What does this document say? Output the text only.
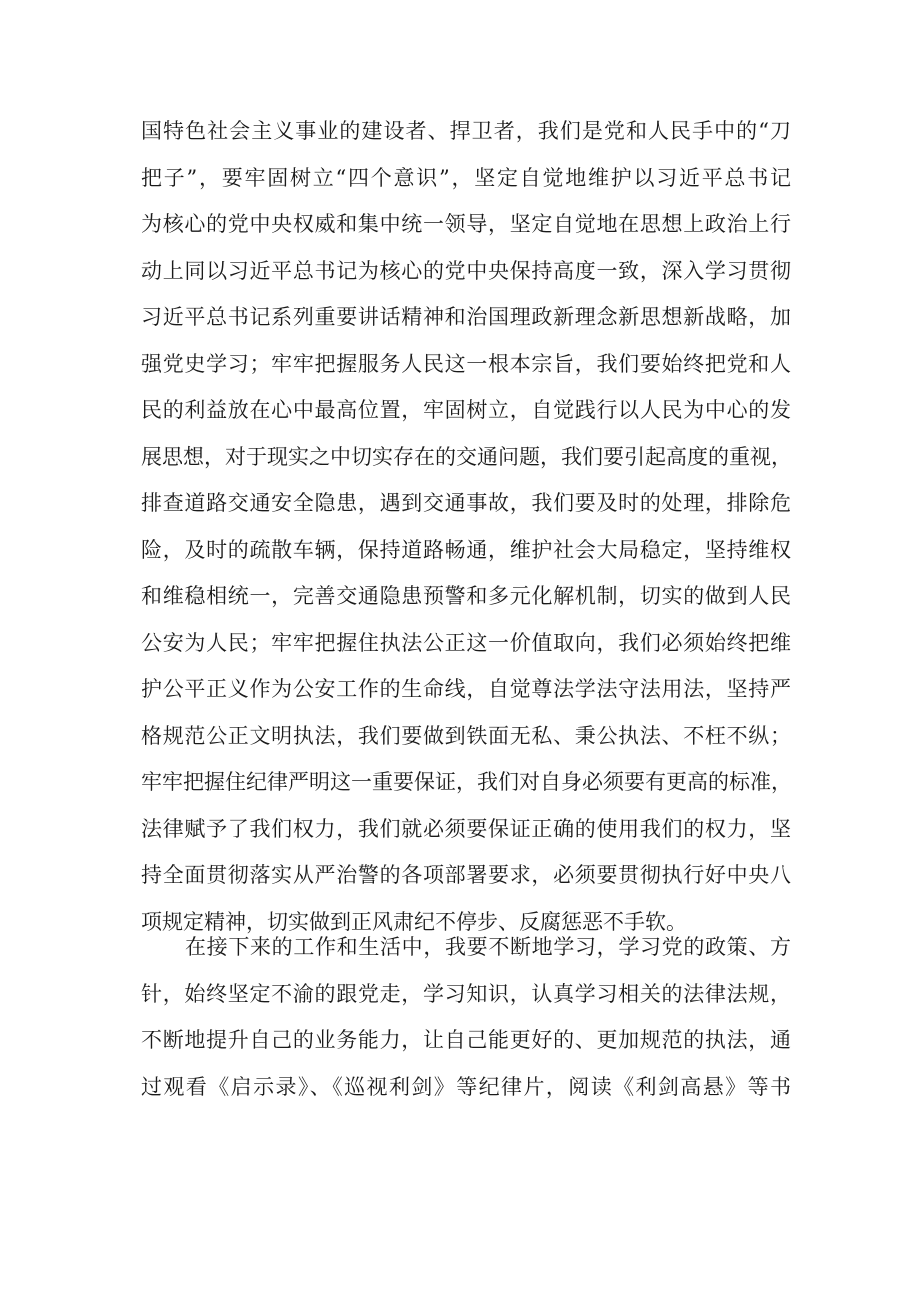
国特色社会主义事业的建设者、捍卫者，我们是党和人民手中的“刀
把子”，要牢固树立“四个意识”，坚定自觉地维护以习近平总书记
为核心的党中央权威和集中统一领导，坚定自觉地在思想上政治上行
动上同以习近平总书记为核心的党中央保持高度一致，深入学习贯彻
习近平总书记系列重要讲话精神和治国理政新理念新思想新战略，加
强党史学习；牢牢把握服务人民这一根本宗旨，我们要始终把党和人
民的利益放在心中最高位置，牢固树立，自觉践行以人民为中心的发
展思想，对于现实之中切实存在的交通问题，我们要引起高度的重视，
排查道路交通安全隐患，遇到交通事故，我们要及时的处理，排除危
险，及时的疏散车辆，保持道路畅通，维护社会大局稳定，坚持维权
和维稳相统一，完善交通隐患预警和多元化解机制，切实的做到人民
公安为人民；牢牢把握住执法公正这一价值取向，我们必须始终把维
护公平正义作为公安工作的生命线，自觉尊法学法守法用法，坚持严
格规范公正文明执法，我们要做到铁面无私、秉公执法、不枉不纵；
牢牢把握住纪律严明这一重要保证，我们对自身必须要有更高的标准，
法律赋予了我们权力，我们就必须要保证正确的使用我们的权力，坚
持全面贯彻落实从严治警的各项部署要求，必须要贯彻执行好中央八
项规定精神，切实做到正风肃纪不停步、反腐惩恶不手软。
在接下来的工作和生活中，我要不断地学习，学习党的政策、方
针，始终坚定不渝的跟党走，学习知识，认真学习相关的法律法规，
不断地提升自己的业务能力，让自己能更好的、更加规范的执法，通
过观看《启示录》、《巡视利剑》等纪律片，阅读《利剑高悬》等书
